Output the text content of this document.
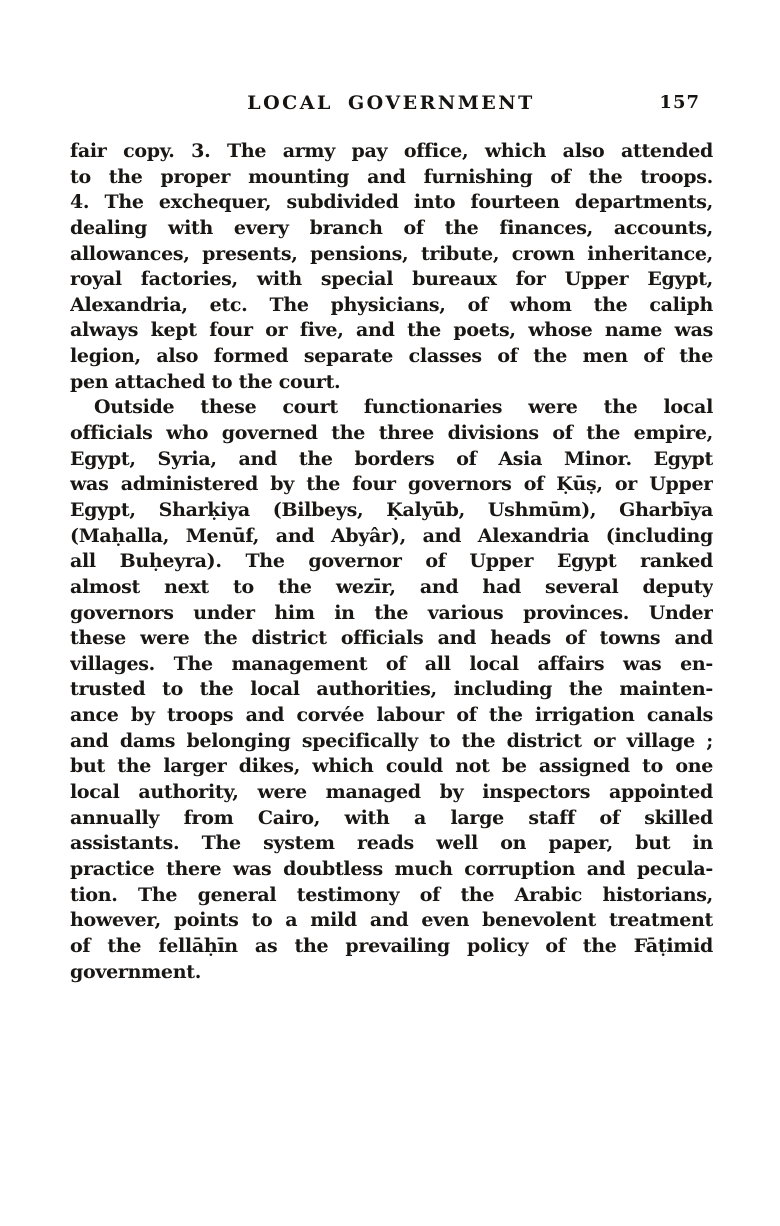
LOCAL GOVERNMENT	157
fair copy. 3. The army pay office, which also attended
to the proper mounting and furnishing of the troops.
4. The exchequer, subdivided into fourteen departments,
dealing with every branch of the finances, accounts,
allowances, presents, pensions, tribute, crown inheritance,
royal factories, with special bureaux for Upper Egypt,
Alexandria, etc. The physicians, of whom the caliph
always kept four or five, and the poets, whose name was
legion, also formed separate classes of the men of the
pen attached to the court.
Outside these court functionaries were the local
officials who governed the three divisions of the empire,
Egypt, Syria, and the borders of Asia Minor. Egypt
was administered by the four governors of Ḳūṣ, or Upper
Egypt, Sharḳiya (Bilbeys, Ḳalyūb, Ushmūm), Gharbīya
(Maḥalla, Menūf, and Abyâr), and Alexandria (including
all Buḥeyra). The governor of Upper Egypt ranked
almost next to the wezīr, and had several deputy
governors under him in the various provinces. Under
these were the district officials and heads of towns and
villages. The management of all local affairs was en-
trusted to the local authorities, including the mainten-
ance by troops and corvée labour of the irrigation canals
and dams belonging specifically to the district or village ;
but the larger dikes, which could not be assigned to one
local authority, were managed by inspectors appointed
annually from Cairo, with a large staff of skilled
assistants. The system reads well on paper, but in
practice there was doubtless much corruption and pecula-
tion. The general testimony of the Arabic historians,
however, points to a mild and even benevolent treatment
of the fellāḥīn as the prevailing policy of the Fāṭimid
government.
